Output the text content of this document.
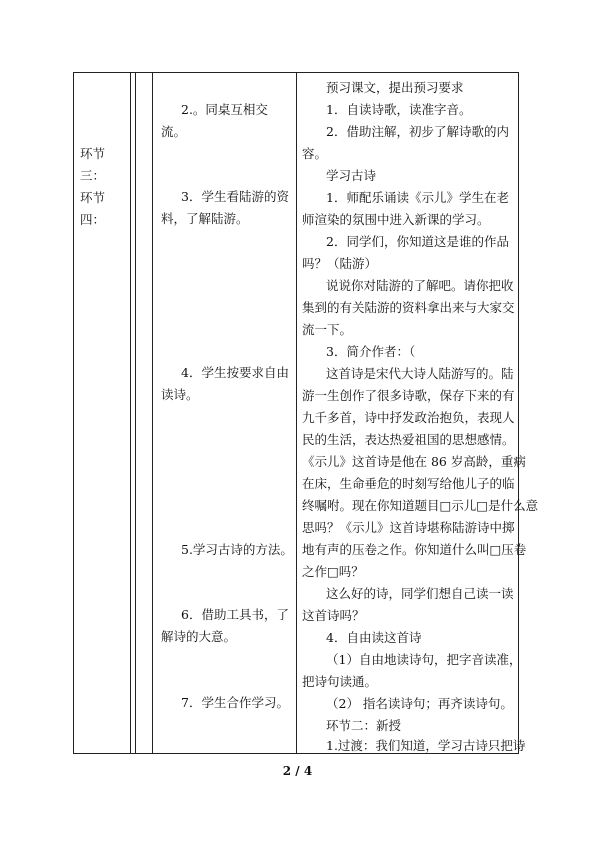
环节
三：
环节
四：
2.。同桌互相交
流。
3．学生看陆游的资
料，了解陆游。
4．学生按要求自由
读诗。
5.学习古诗的方法。
6．借助工具书，了
解诗的大意。
7．学生合作学习。
预习课文，提出预习要求
1．自读诗歌，读准字音。
2．借助注解，初步了解诗歌的内
容。
学习古诗
1．师配乐诵读《示儿》学生在老
师渲染的氛围中进入新课的学习。
2．同学们，你知道这是谁的作品
吗？（陆游）
说说你对陆游的了解吧。请你把收
集到的有关陆游的资料拿出来与大家交
流一下。
3．简介作者：（
这首诗是宋代大诗人陆游写的。陆
游一生创作了很多诗歌，保存下来的有
九千多首，诗中抒发政治抱负，表现人
民的生活，表达热爱祖国的思想感情。
《示儿》这首诗是他在 86 岁高龄，重病
在床，生命垂危的时刻写给他儿子的临
终嘱咐。现在你知道题目□示儿□是什么意
思吗？《示儿》这首诗堪称陆游诗中掷
地有声的压卷之作。你知道什么叫□压卷
之作□吗？
这么好的诗，同学们想自己读一读
这首诗吗？
4．自由读这首诗
（1）自由地读诗句，把字音读准，
把诗句读通。
（2） 指名读诗句；再齐读诗句。
环节二：新授
1.过渡：我们知道，学习古诗只把诗
2 / 4
